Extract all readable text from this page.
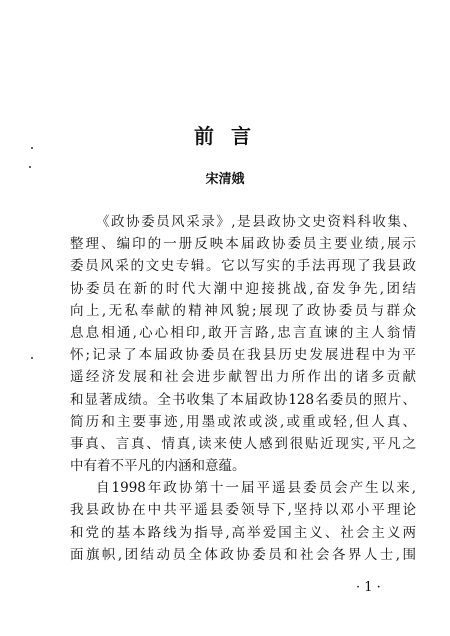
前 言
宋清娥
《政协委员风采录》,是县政协文史资料科收集、
整理、编印的一册反映本届政协委员主要业绩,展示
委员风采的文史专辑。它以写实的手法再现了我县政
协委员在新的时代大潮中迎接挑战,奋发争先,团结
向上,无私奉献的精神风貌;展现了政协委员与群众
息息相通,心心相印,敢开言路,忠言直谏的主人翁情
怀;记录了本届政协委员在我县历史发展进程中为平
遥经济发展和社会进步献智出力所作出的诸多贡献
和显著成绩。全书收集了本届政协128名委员的照片、
简历和主要事迹,用墨或浓或淡,或重或轻,但人真、
事真、言真、情真,读来使人感到很贴近现实,平凡之
中有着不平凡的内涵和意蕴。
自1998年政协第十一届平遥县委员会产生以来,
我县政协在中共平遥县委领导下,坚持以邓小平理论
和党的基本路线为指导,高举爱国主义、社会主义两
面旗帜,团结动员全体政协委员和社会各界人士,围
· 1 ·
